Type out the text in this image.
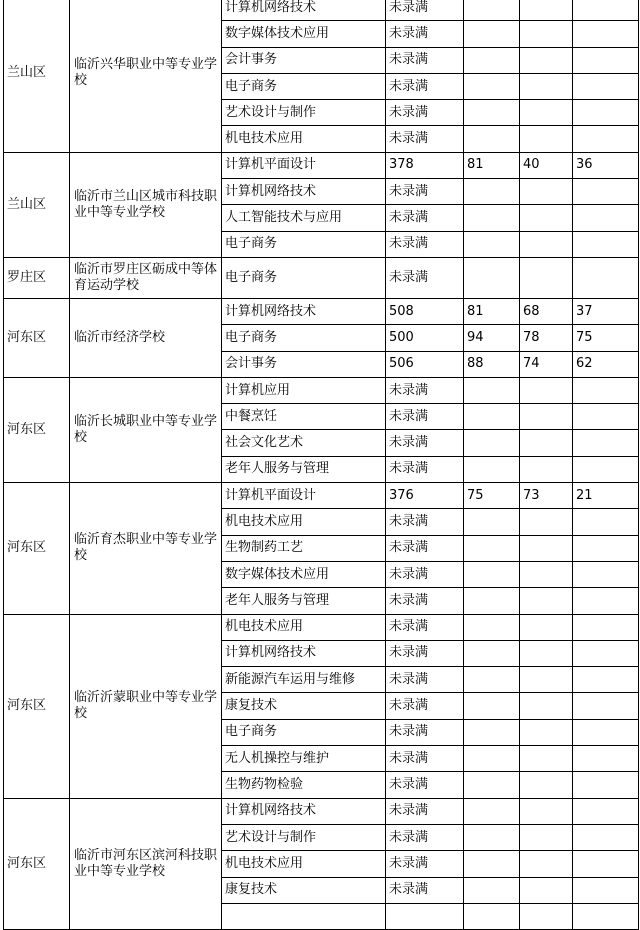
兰山区	临沂兴华职业中等专业学校	计算机网络技术	未录满			
		数字媒体技术应用	未录满			
		会计事务	未录满			
		电子商务	未录满			
		艺术设计与制作	未录满			
		机电技术应用	未录满			
兰山区	临沂市兰山区城市科技职业中等专业学校	计算机平面设计	378	81	40	36
		计算机网络技术	未录满			
		人工智能技术与应用	未录满			
		电子商务	未录满			
罗庄区	临沂市罗庄区砺成中等体育运动学校	电子商务	未录满			
河东区	临沂市经济学校	计算机网络技术	508	81	68	37
		电子商务	500	94	78	75
		会计事务	506	88	74	62
河东区	临沂长城职业中等专业学校	计算机应用	未录满			
		中餐烹饪	未录满			
		社会文化艺术	未录满			
		老年人服务与管理	未录满			
河东区	临沂育杰职业中等专业学校	计算机平面设计	376	75	73	21
		机电技术应用	未录满			
		生物制药工艺	未录满			
		数字媒体技术应用	未录满			
		老年人服务与管理	未录满			
河东区	临沂沂蒙职业中等专业学校	机电技术应用	未录满			
		计算机网络技术	未录满			
		新能源汽车运用与维修	未录满			
		康复技术	未录满			
		电子商务	未录满			
		无人机操控与维护	未录满			
		生物药物检验	未录满			
河东区	临沂市河东区滨河科技职业中等专业学校	计算机网络技术	未录满			
		艺术设计与制作	未录满			
		机电技术应用	未录满			
		康复技术	未录满			
